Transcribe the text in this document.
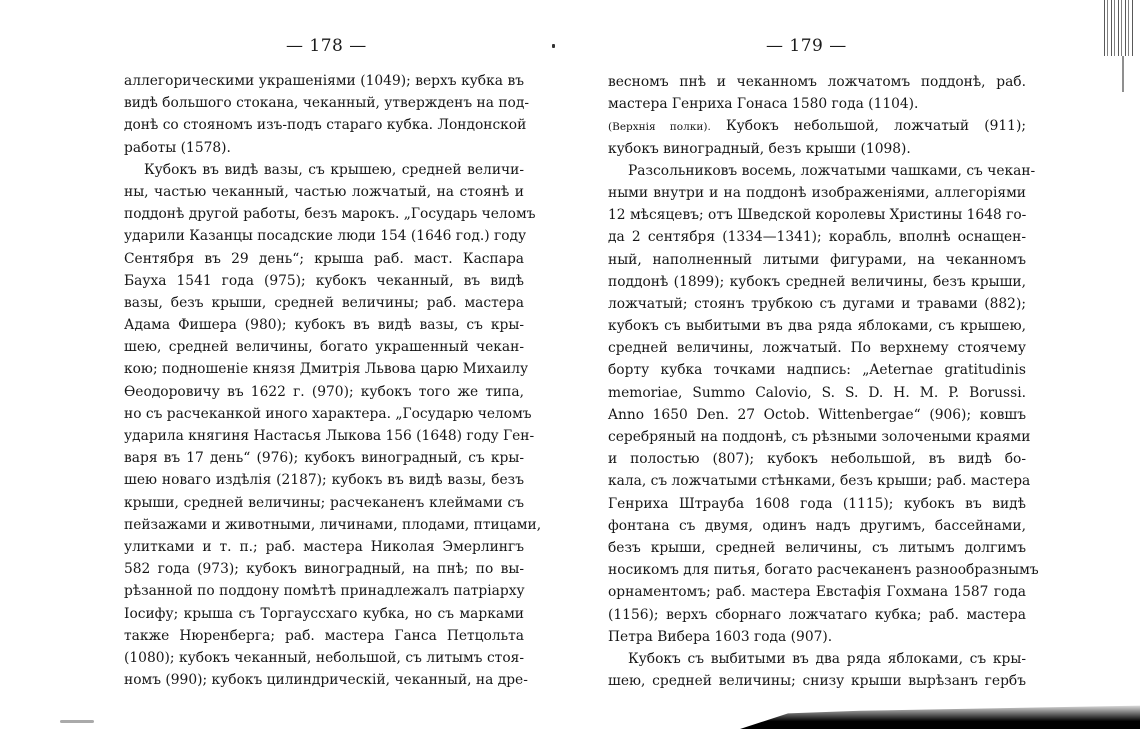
— 178 —
аллегорическими украшеніями (1049); верхъ кубка въ
видѣ большого стокана, чеканный, утвержденъ на под-
донѣ со стояномъ изъ-подъ стараго кубка. Лондонской
работы (1578).
Кубокъ въ видѣ вазы, съ крышею, средней величи-
ны, частью чеканный, частью ложчатый, на стоянѣ и
поддонѣ другой работы, безъ марокъ. „Государь челомъ
ударили Казанцы посадские люди 154 (1646 год.) году
Сентября въ 29 день“; крыша раб. маст. Каспара
Бауха 1541 года (975); кубокъ чеканный, въ видѣ
вазы, безъ крыши, средней величины; раб. мастера
Адама Фишера (980); кубокъ въ видѣ вазы, съ кры-
шею, средней величины, богато украшенный чекан-
кою; подношеніе князя Дмитрія Львова царю Михаилу
Ѳеодоровичу въ 1622 г. (970); кубокъ того же типа,
но съ расчеканкой иного характера. „Государю челомъ
ударила княгиня Настасья Лыкова 156 (1648) году Ген-
варя въ 17 день“ (976); кубокъ виноградный, съ кры-
шею новаго издѣлія (2187); кубокъ въ видѣ вазы, безъ
крыши, средней величины; расчеканенъ клеймами съ
пейзажами и животными, личинами, плодами, птицами,
улитками и т. п.; раб. мастера Николая Эмерлингъ
582 года (973); кубокъ виноградный, на пнѣ; по вы-
рѣзанной по поддону помѣтѣ принадлежалъ патріарху
Іосифу; крыша съ Торгауссхаго кубка, но съ марками
также Нюренберга; раб. мастера Ганса Петцольта
(1080); кубокъ чеканный, небольшой, съ литымъ стоя-
номъ (990); кубокъ цилиндрическій, чеканный, на дре-
— 179 —
весномъ пнѣ и чеканномъ ложчатомъ поддонѣ, раб.
мастера Генриха Гонаса 1580 года (1104).
(Верхнія полки). Кубокъ небольшой, ложчатый (911);
кубокъ виноградный, безъ крыши (1098).
Разсольниковъ восемь, ложчатыми чашками, съ чекан-
ными внутри и на поддонѣ изображеніями, аллегоріями
12 мѣсяцевъ; отъ Шведской королевы Христины 1648 го-
да 2 сентября (1334—1341); корабль, вполнѣ оснащен-
ный, наполненный литыми фигурами, на чеканномъ
поддонѣ (1899); кубокъ средней величины, безъ крыши,
ложчатый; стоянъ трубкою съ дугами и травами (882);
кубокъ съ выбитыми въ два ряда яблоками, съ крышею,
средней величины, ложчатый. По верхнему стоячему
борту кубка точками надпись: „Aeternae gratitudinis
memoriae, Summo Calovio, S. S. D. H. M. P. Borussi.
Anno 1650 Den. 27 Octob. Wittenbergae“ (906); ковшъ
серебряный на поддонѣ, съ рѣзными золочеными краями
и полостью (807); кубокъ небольшой, въ видѣ бо-
кала, съ ложчатыми стѣнками, безъ крыши; раб. мастера
Генриха Штраубa 1608 года (1115); кубокъ въ видѣ
фонтана съ двумя, одинъ надъ другимъ, бассейнами,
безъ крыши, средней величины, съ литымъ долгимъ
носикомъ для питья, богато расчеканенъ разнообразнымъ
орнаментомъ; раб. мастера Евстафія Гохмана 1587 года
(1156); верхъ сборнаго ложчатаго кубка; раб. мастера
Петра Вибера 1603 года (907).
Кубокъ съ выбитыми въ два ряда яблоками, съ кры-
шею, средней величины; снизу крыши вырѣзанъ гербъ
